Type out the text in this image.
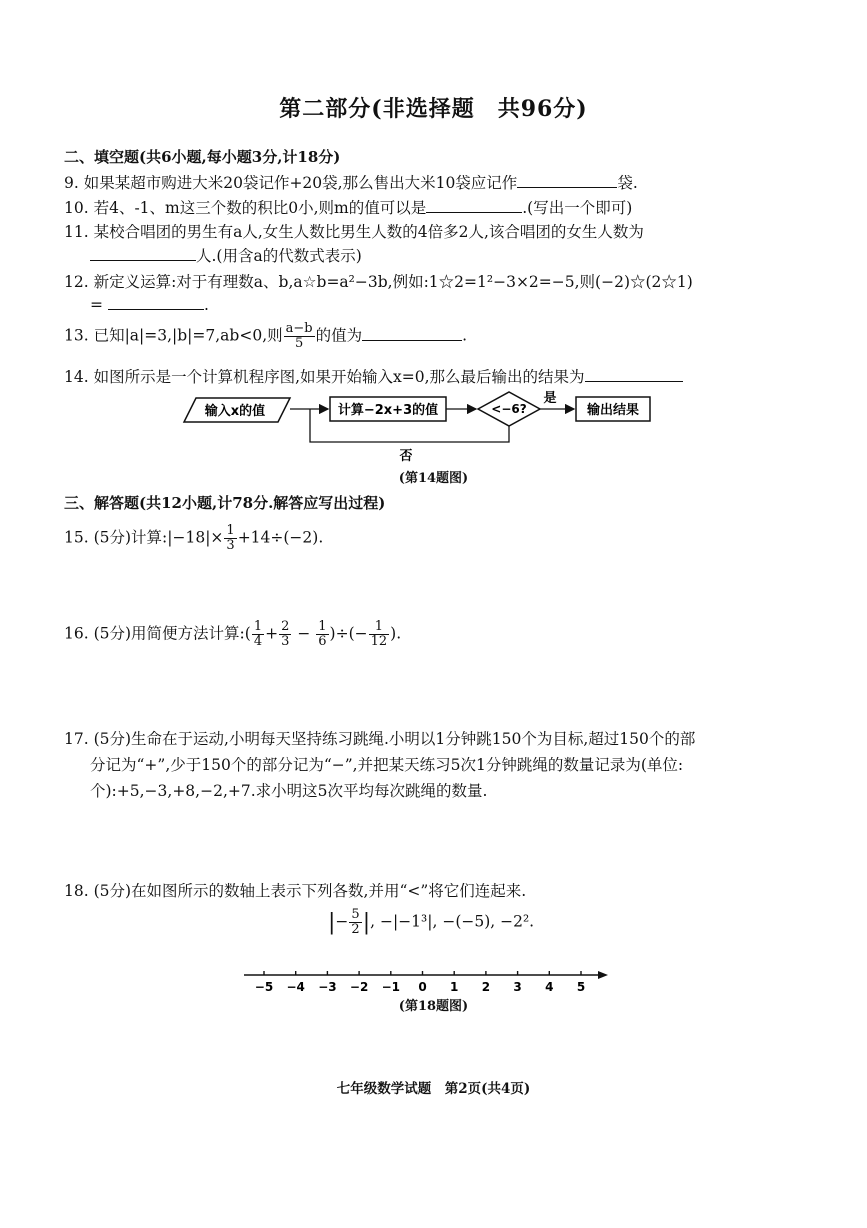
第二部分(非选择题　共96分)
二、填空题(共6小题,每小题3分,计18分)
9. 如果某超市购进大米20袋记作+20袋,那么售出大米10袋应记作	袋.
10. 若4、-1、m这三个数的积比0小,则m的值可以是	.(写出一个即可)
11. 某校合唱团的男生有a人,女生人数比男生人数的4倍多2人,该合唱团的女生人数为
人.(用含a的代数式表示)
12. 新定义运算:对于有理数a、b,a☆b=a²−3b,例如:1☆2=1²−3×2=−5,则(−2)☆(2☆1)
=	.
13. 已知|a|=3,|b|=7,ab<0,则 $\frac{a-b}{5}$ 的值为	.
14. 如图所示是一个计算机程序图,如果开始输入x=0,那么最后输出的结果为
输入x的值	计算−2x+3的值	<−6?
是
输出结果
否
(第14题图)
三、解答题(共12小题,计78分.解答应写出过程)
15. (5分)计算:|−18|× $\frac{1}{3} +14\div(-2)$.
16. (5分)用简便方法计算:( $\frac{1}{4} + \frac{2}{3} - \frac{1}{6}$ )÷(− $\frac{1}{12}$ ).
17. (5分)生命在于运动,小明每天坚持练习跳绳.小明以1分钟跳150个为目标,超过150个的部
分记为“+”,少于150个的部分记为“−”,并把某天练习5次1分钟跳绳的数量记录为(单位:
个):+5,−3,+8,−2,+7.求小明这5次平均每次跳绳的数量.
18. (5分)在如图所示的数轴上表示下列各数,并用“<”将它们连起来.
|− $\frac{5}{2}$ |, −|−1³|, −(−5), −2².
−5 −4 −3 −2 −1 0 1 2 3 4 5
(第18题图)
七年级数学试题　第2页(共4页)
